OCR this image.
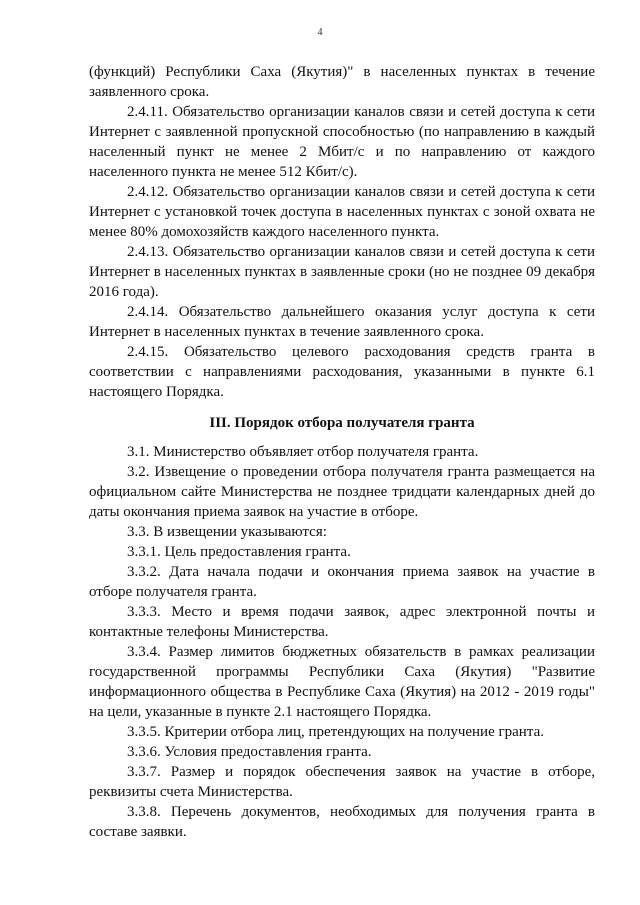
4

(функций) Республики Саха (Якутия)" в населенных пунктах в течение заявленного срока.

2.4.11. Обязательство организации каналов связи и сетей доступа к сети Интернет с заявленной пропускной способностью (по направлению в каждый населенный пункт не менее 2 Мбит/с и по направлению от каждого населенного пункта не менее 512 Кбит/с).

2.4.12. Обязательство организации каналов связи и сетей доступа к сети Интернет с установкой точек доступа в населенных пунктах с зоной охвата не менее 80% домохозяйств каждого населенного пункта.

2.4.13. Обязательство организации каналов связи и сетей доступа к сети Интернет в населенных пунктах в заявленные сроки (но не позднее 09 декабря 2016 года).

2.4.14. Обязательство дальнейшего оказания услуг доступа к сети Интернет в населенных пунктах в течение заявленного срока.

2.4.15. Обязательство целевого расходования средств гранта в соответствии с направлениями расходования, указанными в пункте 6.1 настоящего Порядка.

III. Порядок отбора получателя гранта

3.1. Министерство объявляет отбор получателя гранта.

3.2. Извещение о проведении отбора получателя гранта размещается на официальном сайте Министерства не позднее тридцати календарных дней до даты окончания приема заявок на участие в отборе.

3.3. В извещении указываются:

3.3.1. Цель предоставления гранта.

3.3.2. Дата начала подачи и окончания приема заявок на участие в отборе получателя гранта.

3.3.3. Место и время подачи заявок, адрес электронной почты и контактные телефоны Министерства.

3.3.4. Размер лимитов бюджетных обязательств в рамках реализации государственной программы Республики Саха (Якутия) "Развитие информационного общества в Республике Саха (Якутия) на 2012 - 2019 годы" на цели, указанные в пункте 2.1 настоящего Порядка.

3.3.5. Критерии отбора лиц, претендующих на получение гранта.

3.3.6. Условия предоставления гранта.

3.3.7. Размер и порядок обеспечения заявок на участие в отборе, реквизиты счета Министерства.

3.3.8. Перечень документов, необходимых для получения гранта в составе заявки.
